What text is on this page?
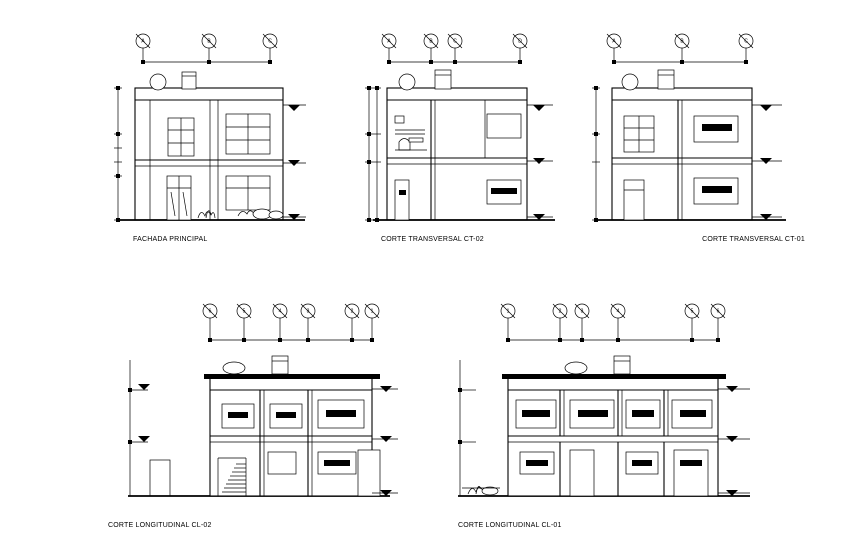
A	B	C
FACHADA PRINCIPAL
A	B	C	D
CORTE TRANSVERSAL CT-02
A	B	C
CORTE TRANSVERSAL CT-01
6	5	4	3	2	1
CORTE LONGITUDINAL CL-02
1	2	3	4	5	6
CORTE LONGITUDINAL CL-01
